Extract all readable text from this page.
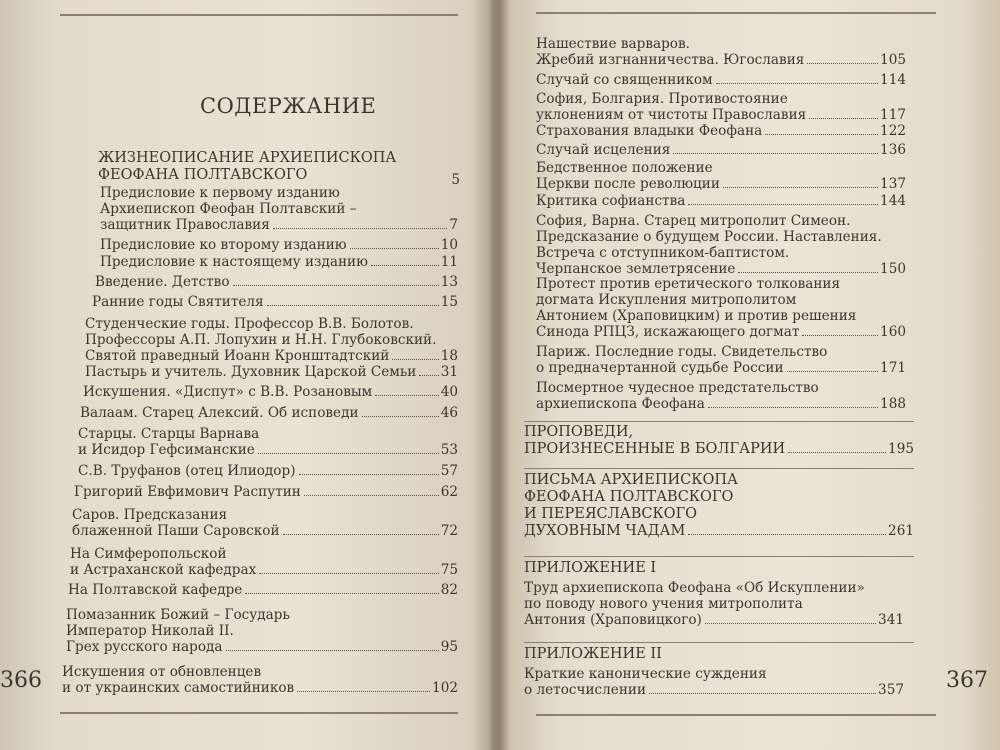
СОДЕРЖАНИЕ
366
ЖИЗНЕОПИСАНИЕ АРХИЕПИСКОПА
ФЕОФАНА ПОЛТАВСКОГО	5
Предисловие к первому изданию
Архиепископ Феофан Полтавский –
защитник Православия	7
Предисловие ко второму изданию	10
Предисловие к настоящему изданию	11
Введение. Детство	13
Ранние годы Святителя	15
Студенческие годы. Профессор В.В. Болотов.
Профессоры А.П. Лопухин и Н.Н. Глубоковский.
Святой праведный Иоанн Кронштадтский	18
Пастырь и учитель. Духовник Царской Семьи 31
Искушения. «Диспут» с В.В. Розановым	40
Валаам. Старец Алексий. Об исповеди	46
Старцы. Старцы Варнава
и Исидор Гефсиманские	53
С.В. Труфанов (отец Илиодор)	57
Григорий Евфимович Распутин	62
Саров. Предсказания
блаженной Паши Саровской	72
На Симферопольской
и Астраханской кафедрах	75
На Полтавской кафедре	82
Помазанник Божий – Государь
Император Николай II.
Грех русского народа	95
Искушения от обновленцев
и от украинских самостийников	102	367
Нашествие варваров.
Жребий изгнанничества. Югославия	105
Случай со священником	114
София, Болгария. Противостояние
уклонениям от чистоты Православия	117
Страхования владыки Феофана	122
Случай исцеления	136
Бедственное положение
Церкви после революции	137
Критика софианства	144
София, Варна. Старец митрополит Симеон.
Предсказание о будущем России. Наставления.
Встреча с отступником-баптистом.
Черпанское землетрясение	150
Протест против еретического толкования
догмата Искупления митрополитом
Антонием (Храповицким) и против решения
Синода РПЦЗ, искажающего догмат	160
Париж. Последние годы. Свидетельство
о предначертанной судьбе России	171
Посмертное чудесное предстательство
архиепископа Феофана	188
ПРОПОВЕДИ,
ПРОИЗНЕСЕННЫЕ В БОЛГАРИИ	195
ПИСЬМА АРХИЕПИСКОПА
ФЕОФАНА ПОЛТАВСКОГО
И ПЕРЕЯСЛАВСКОГО
ДУХОВНЫМ ЧАДАМ	261
ПРИЛОЖЕНИЕ I
Труд архиепископа Феофана «Об Искуплении»
по поводу нового учения митрополита
Антония (Храповицкого)	341
ПРИЛОЖЕНИЕ II
Краткие канонические суждения
о летосчислении	357
